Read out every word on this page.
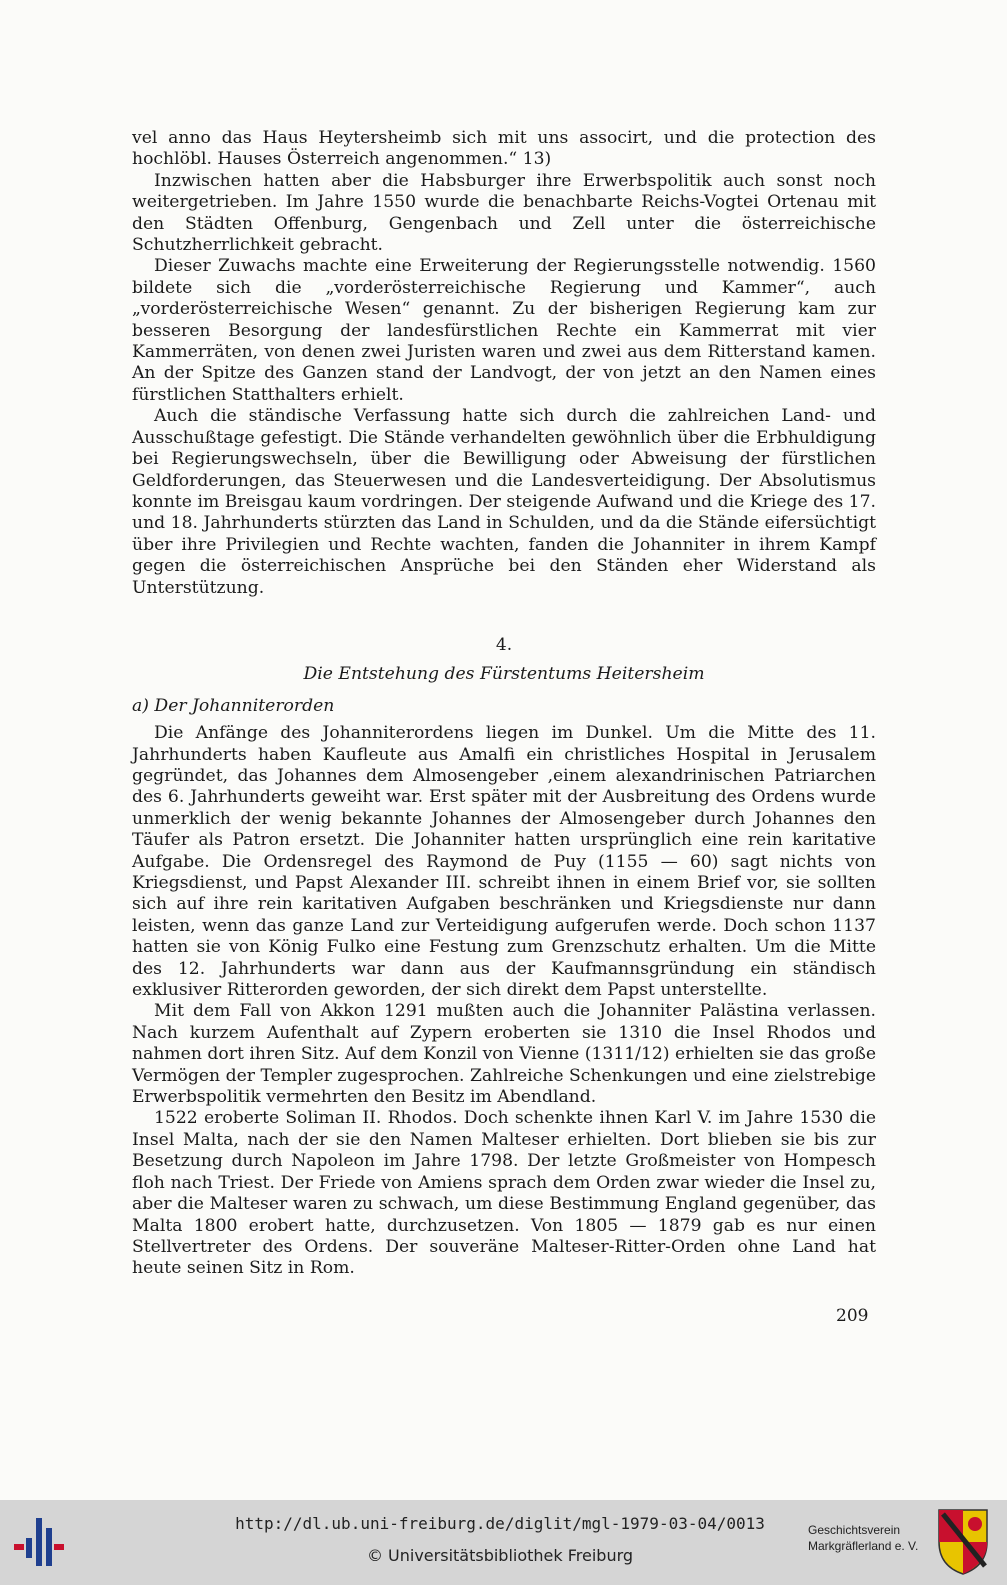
vel anno das Haus Heytersheimb sich mit uns associrt, und die protection des hochlöbl. Hauses Österreich angenommen.“ 13)

Inzwischen hatten aber die Habsburger ihre Erwerbspolitik auch sonst noch weitergetrieben. Im Jahre 1550 wurde die benachbarte Reichs-Vogtei Ortenau mit den Städten Offenburg, Gengenbach und Zell unter die österreichische Schutzherrlichkeit gebracht.

Dieser Zuwachs machte eine Erweiterung der Regierungsstelle notwendig. 1560 bildete sich die „vorderösterreichische Regierung und Kammer“, auch „vorderösterreichische Wesen“ genannt. Zu der bisherigen Regierung kam zur besseren Besorgung der landesfürstlichen Rechte ein Kammerrat mit vier Kammerräten, von denen zwei Juristen waren und zwei aus dem Ritterstand kamen. An der Spitze des Ganzen stand der Landvogt, der von jetzt an den Namen eines fürstlichen Statthalters erhielt.

Auch die ständische Verfassung hatte sich durch die zahlreichen Land- und Ausschußtage gefestigt. Die Stände verhandelten gewöhnlich über die Erbhuldigung bei Regierungswechseln, über die Bewilligung oder Abweisung der fürstlichen Geldforderungen, das Steuerwesen und die Landesverteidigung. Der Absolutismus konnte im Breisgau kaum vordringen. Der steigende Aufwand und die Kriege des 17. und 18. Jahrhunderts stürzten das Land in Schulden, und da die Stände eifersüchtigt über ihre Privilegien und Rechte wachten, fanden die Johanniter in ihrem Kampf gegen die österreichischen Ansprüche bei den Ständen eher Widerstand als Unterstützung.

4.
Die Entstehung des Fürstentums Heitersheim
a) Der Johanniterorden

Die Anfänge des Johanniterordens liegen im Dunkel. Um die Mitte des 11. Jahrhunderts haben Kaufleute aus Amalfi ein christliches Hospital in Jerusalem gegründet, das Johannes dem Almosengeber ‚einem alexandrinischen Patriarchen des 6. Jahrhunderts geweiht war. Erst später mit der Ausbreitung des Ordens wurde unmerklich der wenig bekannte Johannes der Almosengeber durch Johannes den Täufer als Patron ersetzt. Die Johanniter hatten ursprünglich eine rein karitative Aufgabe. Die Ordensregel des Raymond de Puy (1155 — 60) sagt nichts von Kriegsdienst, und Papst Alexander III. schreibt ihnen in einem Brief vor, sie sollten sich auf ihre rein karitativen Aufgaben beschränken und Kriegsdienste nur dann leisten, wenn das ganze Land zur Verteidigung aufgerufen werde. Doch schon 1137 hatten sie von König Fulko eine Festung zum Grenzschutz erhalten. Um die Mitte des 12. Jahrhunderts war dann aus der Kaufmannsgründung ein ständisch exklusiver Ritterorden geworden, der sich direkt dem Papst unterstellte.

Mit dem Fall von Akkon 1291 mußten auch die Johanniter Palästina verlassen. Nach kurzem Aufenthalt auf Zypern eroberten sie 1310 die Insel Rhodos und nahmen dort ihren Sitz. Auf dem Konzil von Vienne (1311/12) erhielten sie das große Vermögen der Templer zugesprochen. Zahlreiche Schenkungen und eine zielstrebige Erwerbspolitik vermehrten den Besitz im Abendland.

1522 eroberte Soliman II. Rhodos. Doch schenkte ihnen Karl V. im Jahre 1530 die Insel Malta, nach der sie den Namen Malteser erhielten. Dort blieben sie bis zur Besetzung durch Napoleon im Jahre 1798. Der letzte Großmeister von Hompesch floh nach Triest. Der Friede von Amiens sprach dem Orden zwar wieder die Insel zu, aber die Malteser waren zu schwach, um diese Bestimmung England gegenüber, das Malta 1800 erobert hatte, durchzusetzen. Von 1805 — 1879 gab es nur einen Stellvertreter des Ordens. Der souveräne Malteser-Ritter-Orden ohne Land hat heute seinen Sitz in Rom.

209
http://dl.ub.uni-freiburg.de/diglit/mgl-1979-03-04/0013
© Universitätsbibliothek Freiburg
Geschichtsverein
Markgräflerland e. V.
